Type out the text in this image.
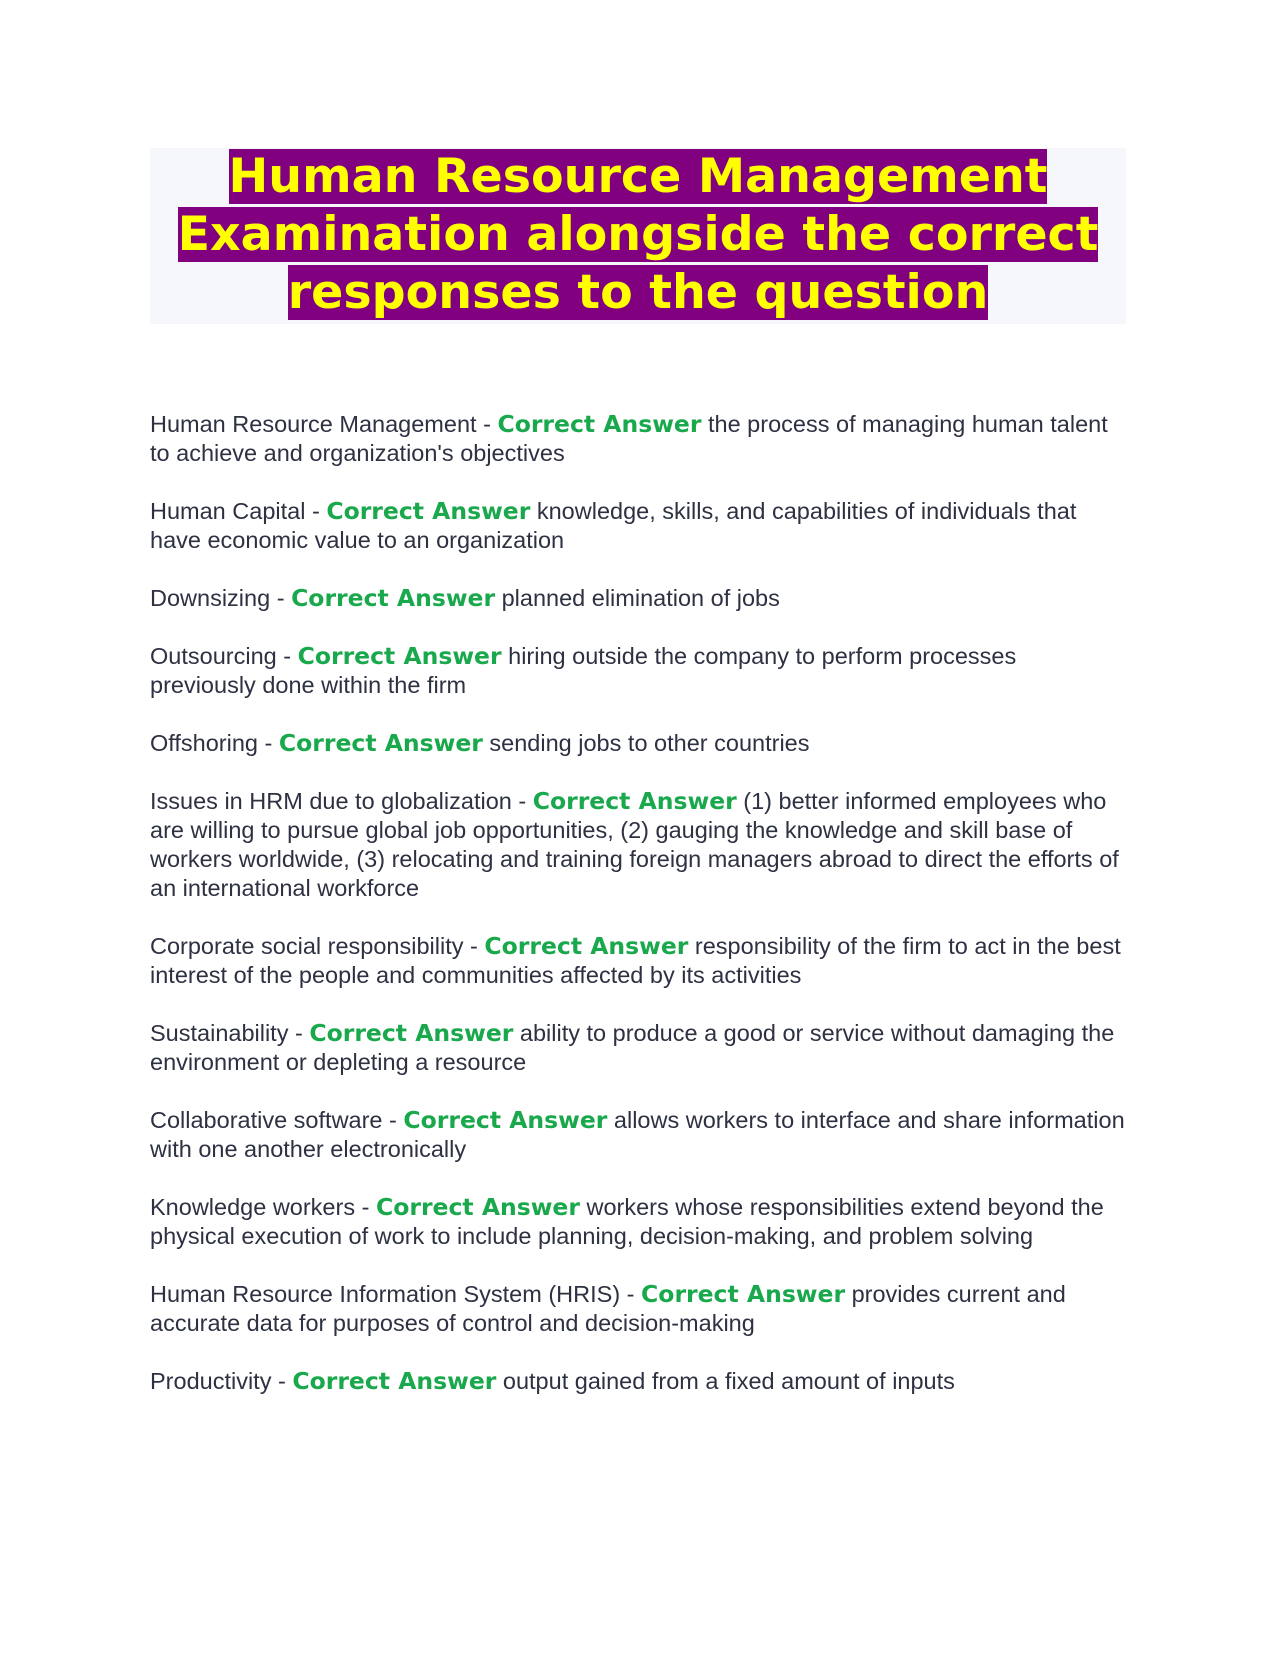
Human Resource Management Examination alongside the correct responses to the question

Human Resource Management - Correct Answer the process of managing human talent to achieve and organization's objectives

Human Capital - Correct Answer knowledge, skills, and capabilities of individuals that have economic value to an organization

Downsizing - Correct Answer planned elimination of jobs

Outsourcing - Correct Answer hiring outside the company to perform processes previously done within the firm

Offshoring - Correct Answer sending jobs to other countries

Issues in HRM due to globalization - Correct Answer (1) better informed employees who are willing to pursue global job opportunities, (2) gauging the knowledge and skill base of workers worldwide, (3) relocating and training foreign managers abroad to direct the efforts of an international workforce

Corporate social responsibility - Correct Answer responsibility of the firm to act in the best interest of the people and communities affected by its activities

Sustainability - Correct Answer ability to produce a good or service without damaging the environment or depleting a resource

Collaborative software - Correct Answer allows workers to interface and share information with one another electronically

Knowledge workers - Correct Answer workers whose responsibilities extend beyond the physical execution of work to include planning, decision-making, and problem solving

Human Resource Information System (HRIS) - Correct Answer provides current and accurate data for purposes of control and decision-making

Productivity - Correct Answer output gained from a fixed amount of inputs
